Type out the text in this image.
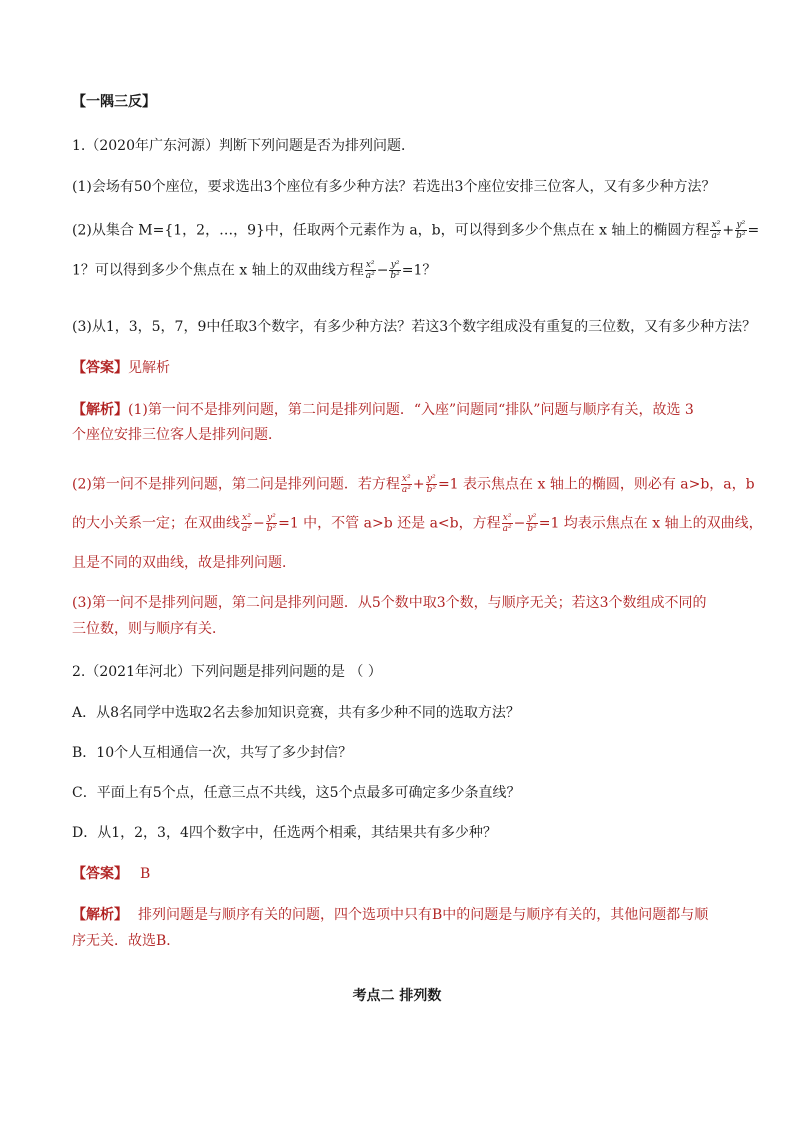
【一隅三反】
1.（2020年广东河源）判断下列问题是否为排列问题．
(1)会场有50个座位，要求选出3个座位有多少种方法？若选出3个座位安排三位客人，又有多少种方法？
(2)从集合 M={1，2，…，9}中，任取两个元素作为 a，b，可以得到多少个焦点在 x 轴上的椭圆方程 $\frac{\text{x²}}{\text{a²}} + \frac{\text{y²}}{\text{b²}}$ =
1？可以得到多少个焦点在 x 轴上的双曲线方程 $\frac{\text{x²}}{\text{a²}} - \frac{\text{y²}}{\text{b²}} =1$？
(3)从1，3，5，7，9中任取3个数字，有多少种方法？若这3个数字组成没有重复的三位数，又有多少种方法？
【答案】见解析
【解析】(1)第一问不是排列问题，第二问是排列问题．“入座”问题同“排队”问题与顺序有关，故选 3
个座位安排三位客人是排列问题．
(2)第一问不是排列问题，第二问是排列问题．若方程 $\frac{\text{x²}}{\text{a²}} + \frac{\text{y²}}{\text{b²}} =1$ 表示焦点在 x 轴上的椭圆，则必有 a>b，a，b
的大小关系一定；在双曲线 $\frac{\text{x²}}{\text{a²}} - \frac{\text{y²}}{\text{b²}} =1$ 中，不管 a>b 还是 a<b，方程 $\frac{\text{x²}}{\text{a²}} - \frac{\text{y²}}{\text{b²}} =1$ 均表示焦点在 x 轴上的双曲线，
且是不同的双曲线，故是排列问题．
(3)第一问不是排列问题，第二问是排列问题．从5个数中取3个数，与顺序无关；若这3个数组成不同的
三位数，则与顺序有关．
2.（2021年河北）下列问题是排列问题的是 （ ）
A．从8名同学中选取2名去参加知识竞赛，共有多少种不同的选取方法？
B．10个人互相通信一次，共写了多少封信？
C．平面上有5个点，任意三点不共线，这5个点最多可确定多少条直线？
D．从1，2，3，4四个数字中，任选两个相乘，其结果共有多少种？
【答案】 B
【解析】 排列问题是与顺序有关的问题，四个选项中只有B中的问题是与顺序有关的，其他问题都与顺
序无关．故选B．
考点二 排列数
